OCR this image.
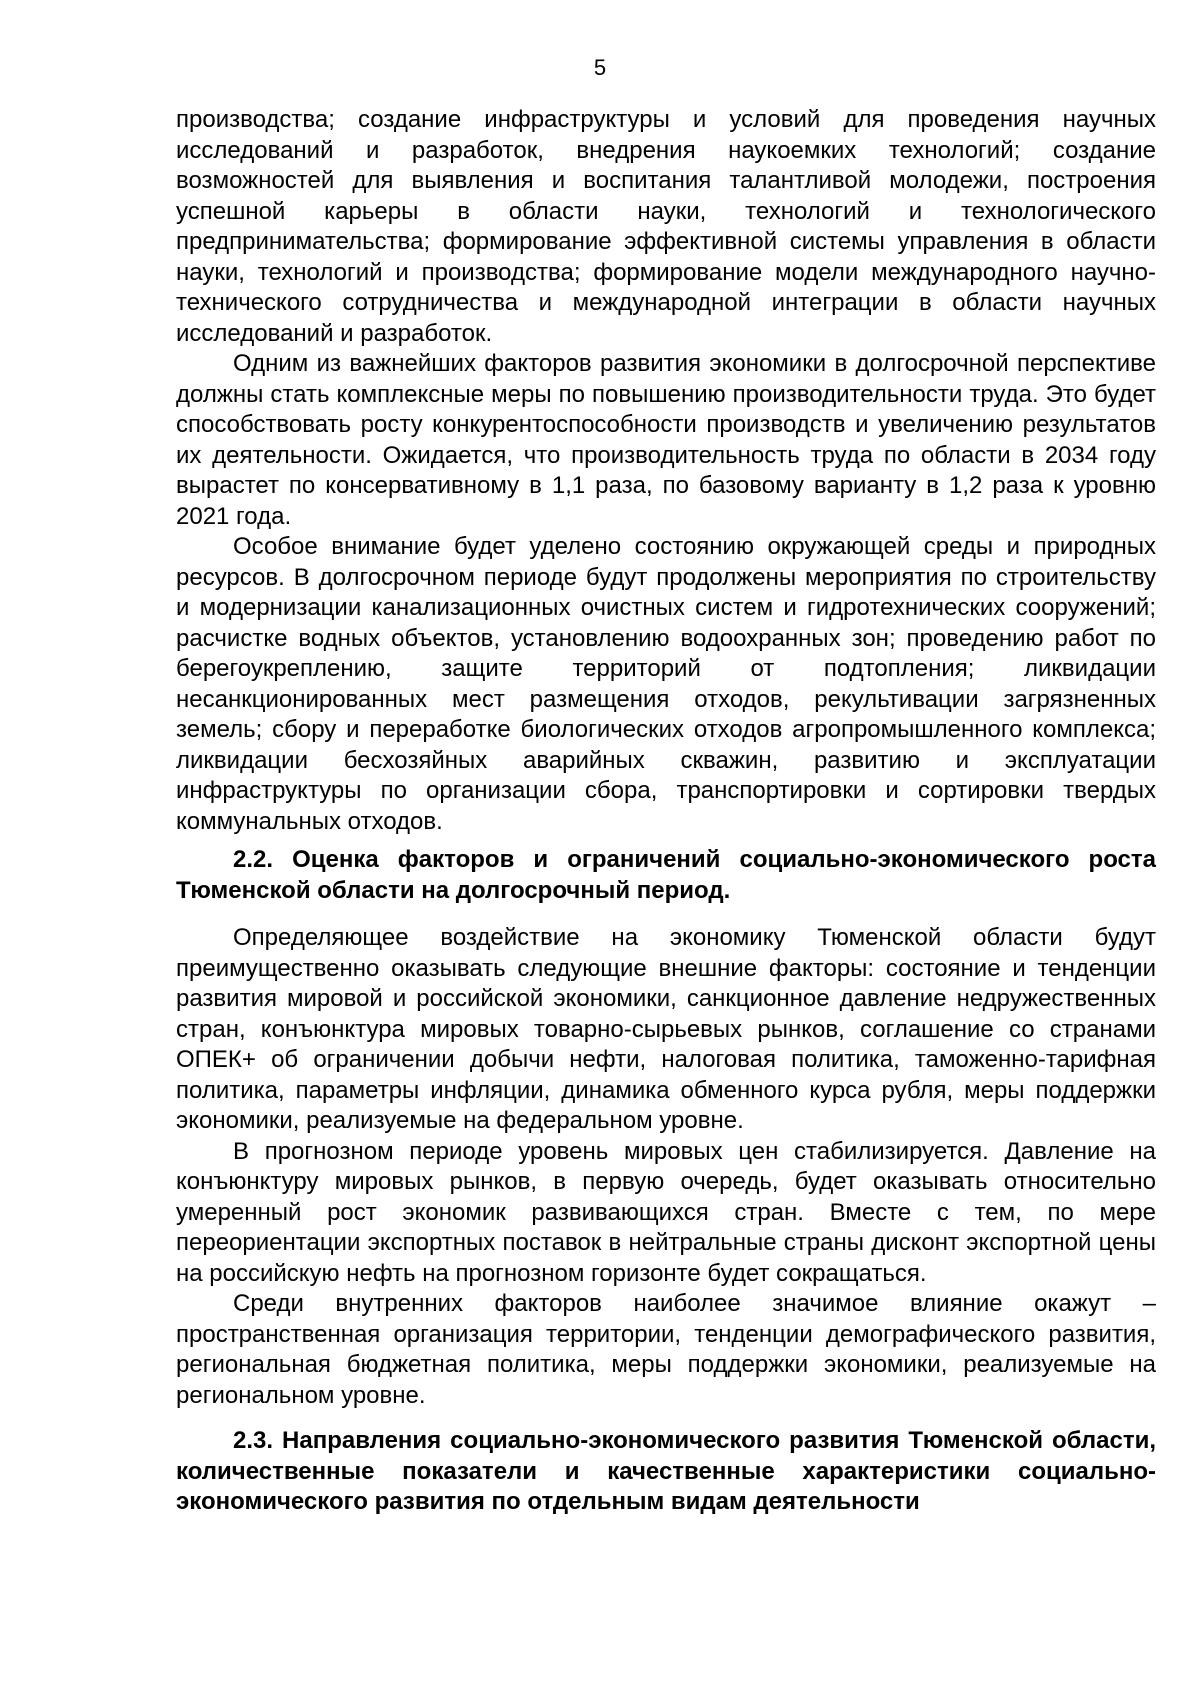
5

производства; создание инфраструктуры и условий для проведения научных исследований и разработок, внедрения наукоемких технологий; создание возможностей для выявления и воспитания талантливой молодежи, построения успешной карьеры в области науки, технологий и технологического предпринимательства; формирование эффективной системы управления в области науки, технологий и производства; формирование модели международного научно-технического сотрудничества и международной интеграции в области научных исследований и разработок.

Одним из важнейших факторов развития экономики в долгосрочной перспективе должны стать комплексные меры по повышению производительности труда. Это будет способствовать росту конкурентоспособности производств и увеличению результатов их деятельности. Ожидается, что производительность труда по области в 2034 году вырастет по консервативному в 1,1 раза, по базовому варианту в 1,2 раза к уровню 2021 года.

Особое внимание будет уделено состоянию окружающей среды и природных ресурсов. В долгосрочном периоде будут продолжены мероприятия по строительству и модернизации канализационных очистных систем и гидротехнических сооружений; расчистке водных объектов, установлению водоохранных зон; проведению работ по берегоукреплению, защите территорий от подтопления; ликвидации несанкционированных мест размещения отходов, рекультивации загрязненных земель; сбору и переработке биологических отходов агропромышленного комплекса; ликвидации бесхозяйных аварийных скважин, развитию и эксплуатации инфраструктуры по организации сбора, транспортировки и сортировки твердых коммунальных отходов.

2.2. Оценка факторов и ограничений социально-экономического роста Тюменской области на долгосрочный период.

Определяющее воздействие на экономику Тюменской области будут преимущественно оказывать следующие внешние факторы: состояние и тенденции развития мировой и российской экономики, санкционное давление недружественных стран, конъюнктура мировых товарно-сырьевых рынков, соглашение со странами ОПЕК+ об ограничении добычи нефти, налоговая политика, таможенно-тарифная политика, параметры инфляции, динамика обменного курса рубля, меры поддержки экономики, реализуемые на федеральном уровне.

В прогнозном периоде уровень мировых цен стабилизируется. Давление на конъюнктуру мировых рынков, в первую очередь, будет оказывать относительно умеренный рост экономик развивающихся стран. Вместе с тем, по мере переориентации экспортных поставок в нейтральные страны дисконт экспортной цены на российскую нефть на прогнозном горизонте будет сокращаться.

Среди внутренних факторов наиболее значимое влияние окажут – пространственная организация территории, тенденции демографического развития, региональная бюджетная политика, меры поддержки экономики, реализуемые на региональном уровне.

2.3. Направления социально-экономического развития Тюменской области, количественные показатели и качественные характеристики социально-экономического развития по отдельным видам деятельности
